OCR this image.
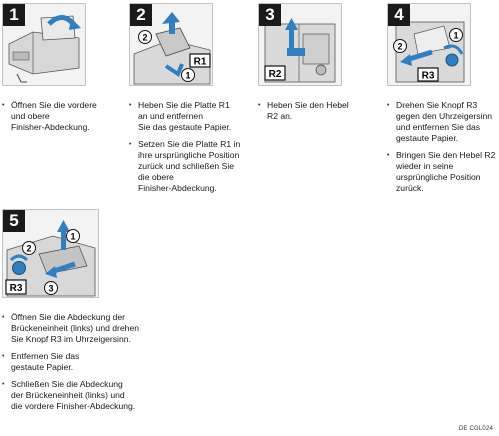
1
• Öffnen Sie die vordere
und obere
Finisher-Abdeckung.
2
2
1
R1
• Heben Sie die Platte R1
an und entfernen
Sie das gestaute Papier.
• Setzen Sie die Platte R1 in
ihre ursprüngliche Position
zurück und schließen Sie
die obere
Finisher-Abdeckung.
3
R2
• Heben Sie den Hebel
R2 an.
4
2
1
R3
• Drehen Sie Knopf R3
gegen den Uhrzeigersinn
und entfernen Sie das
gestaute Papier.
• Bringen Sie den Hebel R2
wieder in seine
ursprüngliche Position
zurück.
5
1
2
3
R3
• Öffnen Sie die Abdeckung der
Brückeneinheit (links) und drehen
Sie Knopf R3 im Uhrzeigersinn.
• Entfernen Sie das
gestaute Papier.
• Schließen Sie die Abdeckung
der Brückeneinheit (links) und
die vordere Finisher-Abdeckung.
DE CGL024
